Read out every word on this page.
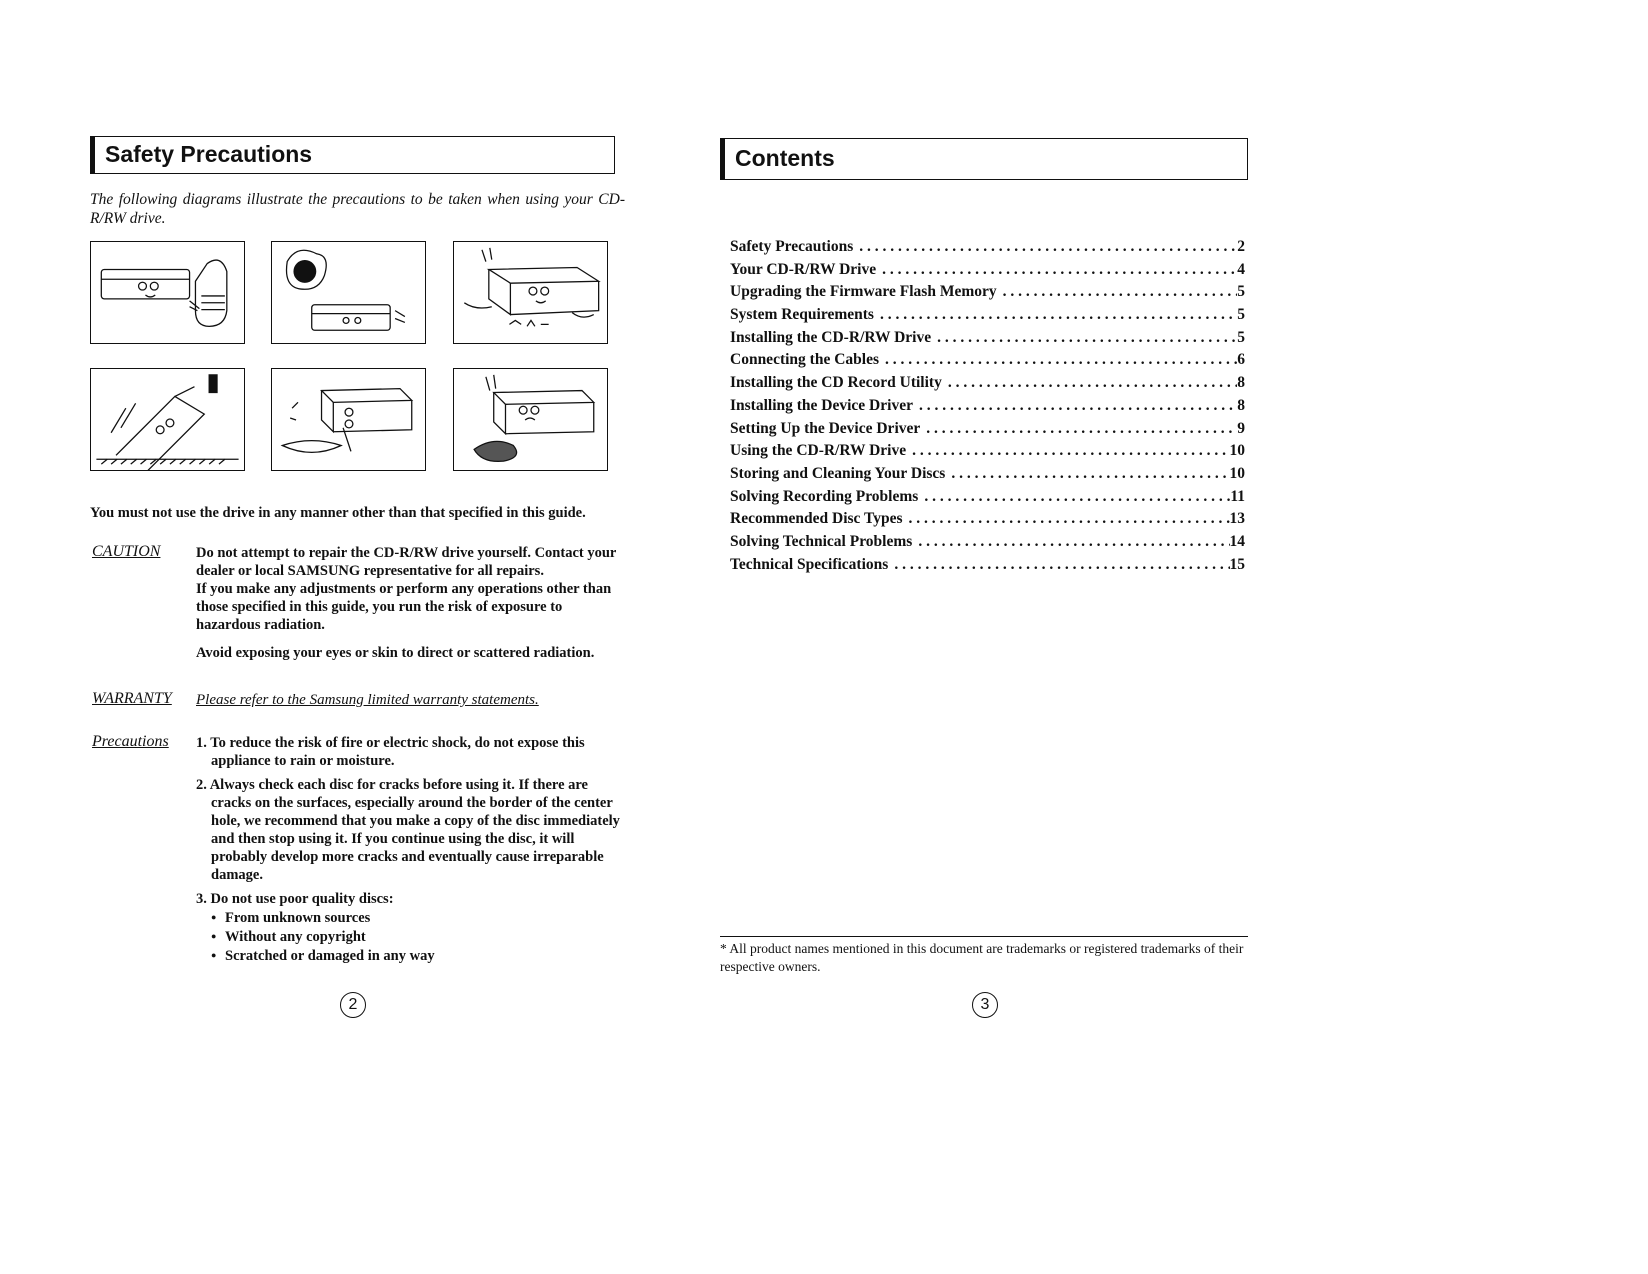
Safety Precautions
The following diagrams illustrate the precautions to be taken when using your CD-R/RW drive.
You must not use the drive in any manner other than that specified in this guide.
CAUTION Do not attempt to repair the CD-R/RW drive yourself. Contact your dealer or local SAMSUNG representative for all repairs.

If you make any adjustments or perform any operations other than those specified in this guide, you run the risk of exposure to hazardous radiation.

Avoid exposing your eyes or skin to direct or scattered radiation.

WARRANTY Please refer to the Samsung limited warranty statements.
Precautions 1. To reduce the risk of fire or electric shock, do not expose this appliance to rain or moisture.
2. Always check each disc for cracks before using it. If there are cracks on the surfaces, especially around the border of the center hole, we recommend that you make a copy of the disc immediately and then stop using it. If you continue using the disc, it will probably develop more cracks and eventually cause irreparable damage.
3. Do not use poor quality discs:
● From unknown sources
● Without any copyright
● Scratched or damaged in any way
2
Contents
Safety Precautions . . .	2
Your CD-R/RW Drive . . .	4
Upgrading the Firmware Flash Memory . . .	5
System Requirements . . .	5
Installing the CD-R/RW Drive . . .	5
Connecting the Cables . . .	6
Installing the CD Record Utility . . .	8
Installing the Device Driver . . .	8
Setting Up the Device Driver . . .	9
Using the CD-R/RW Drive . . .	10
Storing and Cleaning Your Discs . . .	10
Solving Recording Problems . . .	11
Recommended Disc Types . . .	13
Solving Technical Problems . . .	14
Technical Specifications . . .	15
* All product names mentioned in this document are trademarks or registered trademarks of their respective owners.
3
